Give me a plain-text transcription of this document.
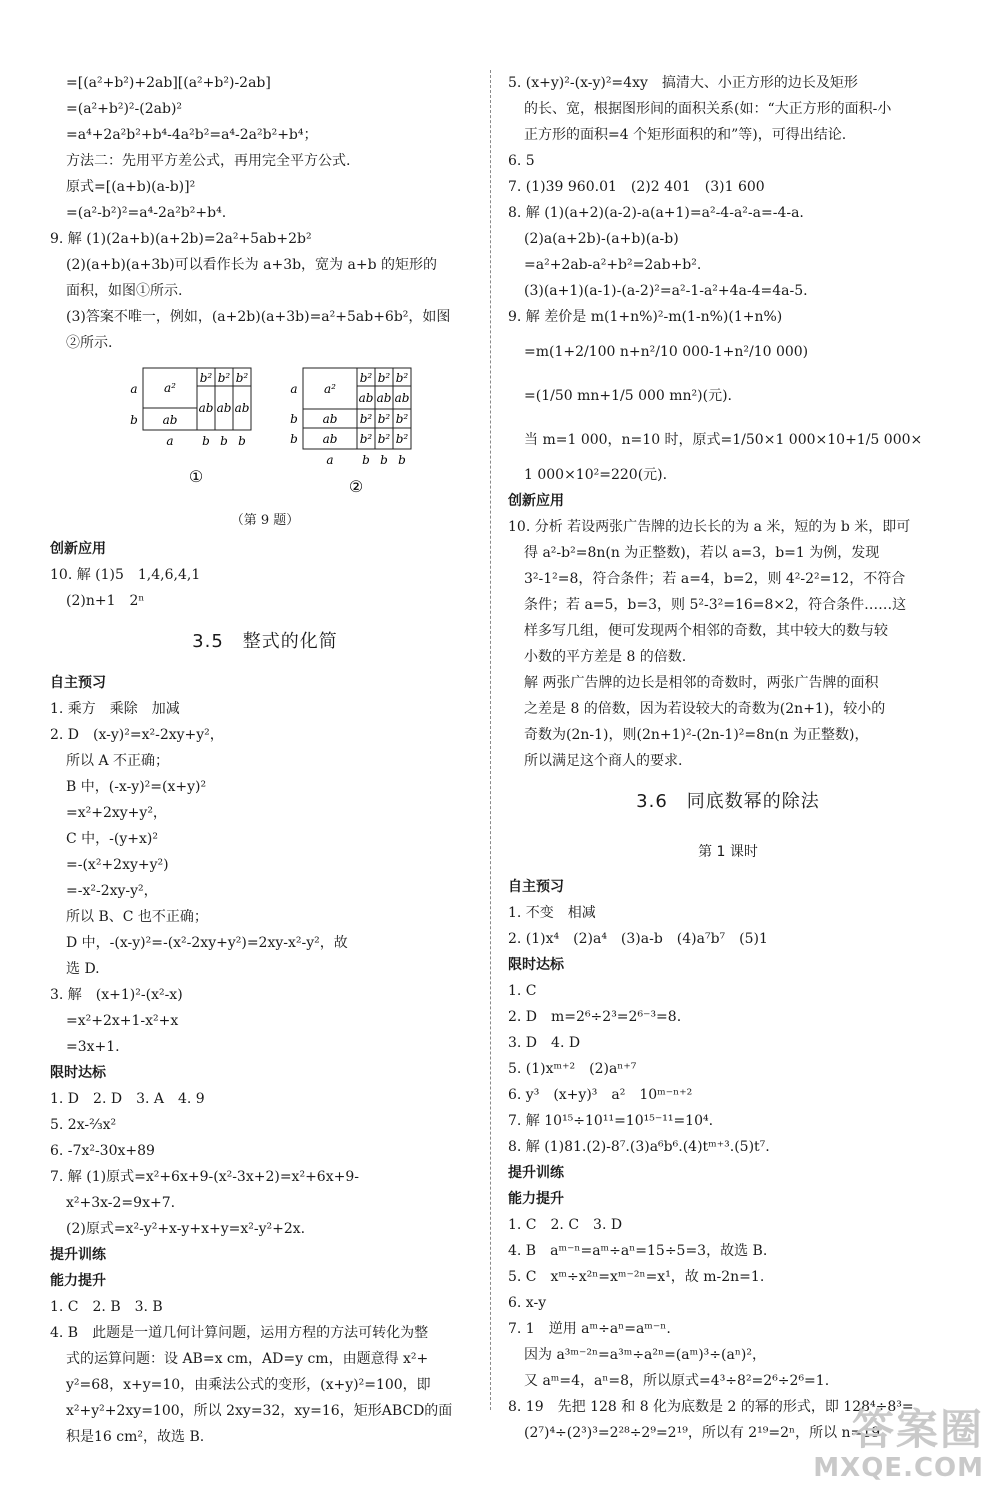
=[(a²+b²)+2ab][(a²+b²)-2ab]
=(a²+b²)²-(2ab)²
=a⁴+2a²b²+b⁴-4a²b²=a⁴-2a²b²+b⁴；
方法二：先用平方差公式，再用完全平方公式.
原式=[(a+b)(a-b)]²
=(a²-b²)²=a⁴-2a²b²+b⁴.
9. 解 (1)(2a+b)(a+2b)=2a²+5ab+2b²
(2)(a+b)(a+3b)可以看作长为 a+3b，宽为 a+b 的矩形的
面积，如图①所示.
(3)答案不唯一，例如，(a+2b)(a+3b)=a²+5ab+6b²，如图
②所示.
a²
ab
b² b² b²
ab ab ab
a
b
a b b b
①
a²
ab
ab
b² b² b²
ab ab ab
b² b² b²
b² b² b²
a
b
b
a b b b
②
（第 9 题）
创新应用
10. 解 (1)5　1,4,6,4,1
(2)n+1　2ⁿ
3.5　整式的化简
自主预习
1. 乘方　乘除　加减
2. D　(x-y)²=x²-2xy+y²，
所以 A 不正确；
B 中，(-x-y)²=(x+y)²
=x²+2xy+y²，
C 中，-(y+x)²
=-(x²+2xy+y²)
=-x²-2xy-y²，
所以 B、C 也不正确；
D 中，-(x-y)²=-(x²-2xy+y²)=2xy-x²-y²，故
选 D.
3. 解　(x+1)²-(x²-x)
=x²+2x+1-x²+x
=3x+1.
限时达标
1. D　2. D　3. A　4. 9
5. 2x-⅔x²
6. -7x²-30x+89
7. 解 (1)原式=x²+6x+9-(x²-3x+2)=x²+6x+9-
x²+3x-2=9x+7.
(2)原式=x²-y²+x-y+x+y=x²-y²+2x.
提升训练
能力提升
1. C　2. B　3. B
4. B　此题是一道几何计算问题，运用方程的方法可转化为整
式的运算问题：设 AB=x cm，AD=y cm，由题意得 x²+
y²=68，x+y=10，由乘法公式的变形，(x+y)²=100，即
x²+y²+2xy=100，所以 2xy=32，xy=16，矩形ABCD的面
积是16 cm²，故选 B.
5. (x+y)²-(x-y)²=4xy　搞清大、小正方形的边长及矩形
的长、宽，根据图形间的面积关系(如：“大正方形的面积-小
正方形的面积=4 个矩形面积的和”等)，可得出结论.
6. 5
7. (1)39 960.01　(2)2 401　(3)1 600
8. 解 (1)(a+2)(a-2)-a(a+1)=a²-4-a²-a=-4-a.
(2)a(a+2b)-(a+b)(a-b)
=a²+2ab-a²+b²=2ab+b².
(3)(a+1)(a-1)-(a-2)²=a²-1-a²+4a-4=4a-5.
9. 解 差价是 m(1+n%)²-m(1-n%)(1+n%)
=m(1+2/100 n+n²/10 000-1+n²/10 000)
=(1/50 mn+1/5 000 mn²)(元).
当 m=1 000，n=10 时，原式=1/50×1 000×10+1/5 000×
1 000×10²=220(元).
创新应用
10. 分析 若设两张广告牌的边长长的为 a 米，短的为 b 米，即可
得 a²-b²=8n(n 为正整数)，若以 a=3，b=1 为例，发现
3²-1²=8，符合条件；若 a=4，b=2，则 4²-2²=12，不符合
条件；若 a=5，b=3，则 5²-3²=16=8×2，符合条件……这
样多写几组，便可发现两个相邻的奇数，其中较大的数与较
小数的平方差是 8 的倍数.
解 两张广告牌的边长是相邻的奇数时，两张广告牌的面积
之差是 8 的倍数，因为若设较大的奇数为(2n+1)，较小的
奇数为(2n-1)，则(2n+1)²-(2n-1)²=8n(n 为正整数)，
所以满足这个商人的要求.
3.6　同底数幂的除法
第 1 课时
自主预习
1. 不变　相减
2. (1)x⁴　(2)a⁴　(3)a-b　(4)a⁷b⁷　(5)1
限时达标
1. C
2. D　m=2⁶÷2³=2⁶⁻³=8.
3. D　4. D
5. (1)xᵐ⁺²　(2)aⁿ⁺⁷
6. y³　(x+y)³　a²　10ᵐ⁻ⁿ⁺²
7. 解 10¹⁵÷10¹¹=10¹⁵⁻¹¹=10⁴.
8. 解 (1)81.(2)-8⁷.(3)a⁶b⁶.(4)tᵐ⁺³.(5)t⁷.
提升训练
能力提升
1. C　2. C　3. D
4. B　aᵐ⁻ⁿ=aᵐ÷aⁿ=15÷5=3，故选 B.
5. C　xᵐ÷x²ⁿ=xᵐ⁻²ⁿ=x¹，故 m-2n=1.
6. x-y
7. 1　逆用 aᵐ÷aⁿ=aᵐ⁻ⁿ.
因为 a³ᵐ⁻²ⁿ=a³ᵐ÷a²ⁿ=(aᵐ)³÷(aⁿ)²，
又 aᵐ=4，aⁿ=8，所以原式=4³÷8²=2⁶÷2⁶=1.
8. 19　先把 128 和 8 化为底数是 2 的幂的形式，即 128⁴÷8³=
(2⁷)⁴÷(2³)³=2²⁸÷2⁹=2¹⁹，所以有 2¹⁹=2ⁿ，所以 n=19.
答案圈
MXQE.COM
